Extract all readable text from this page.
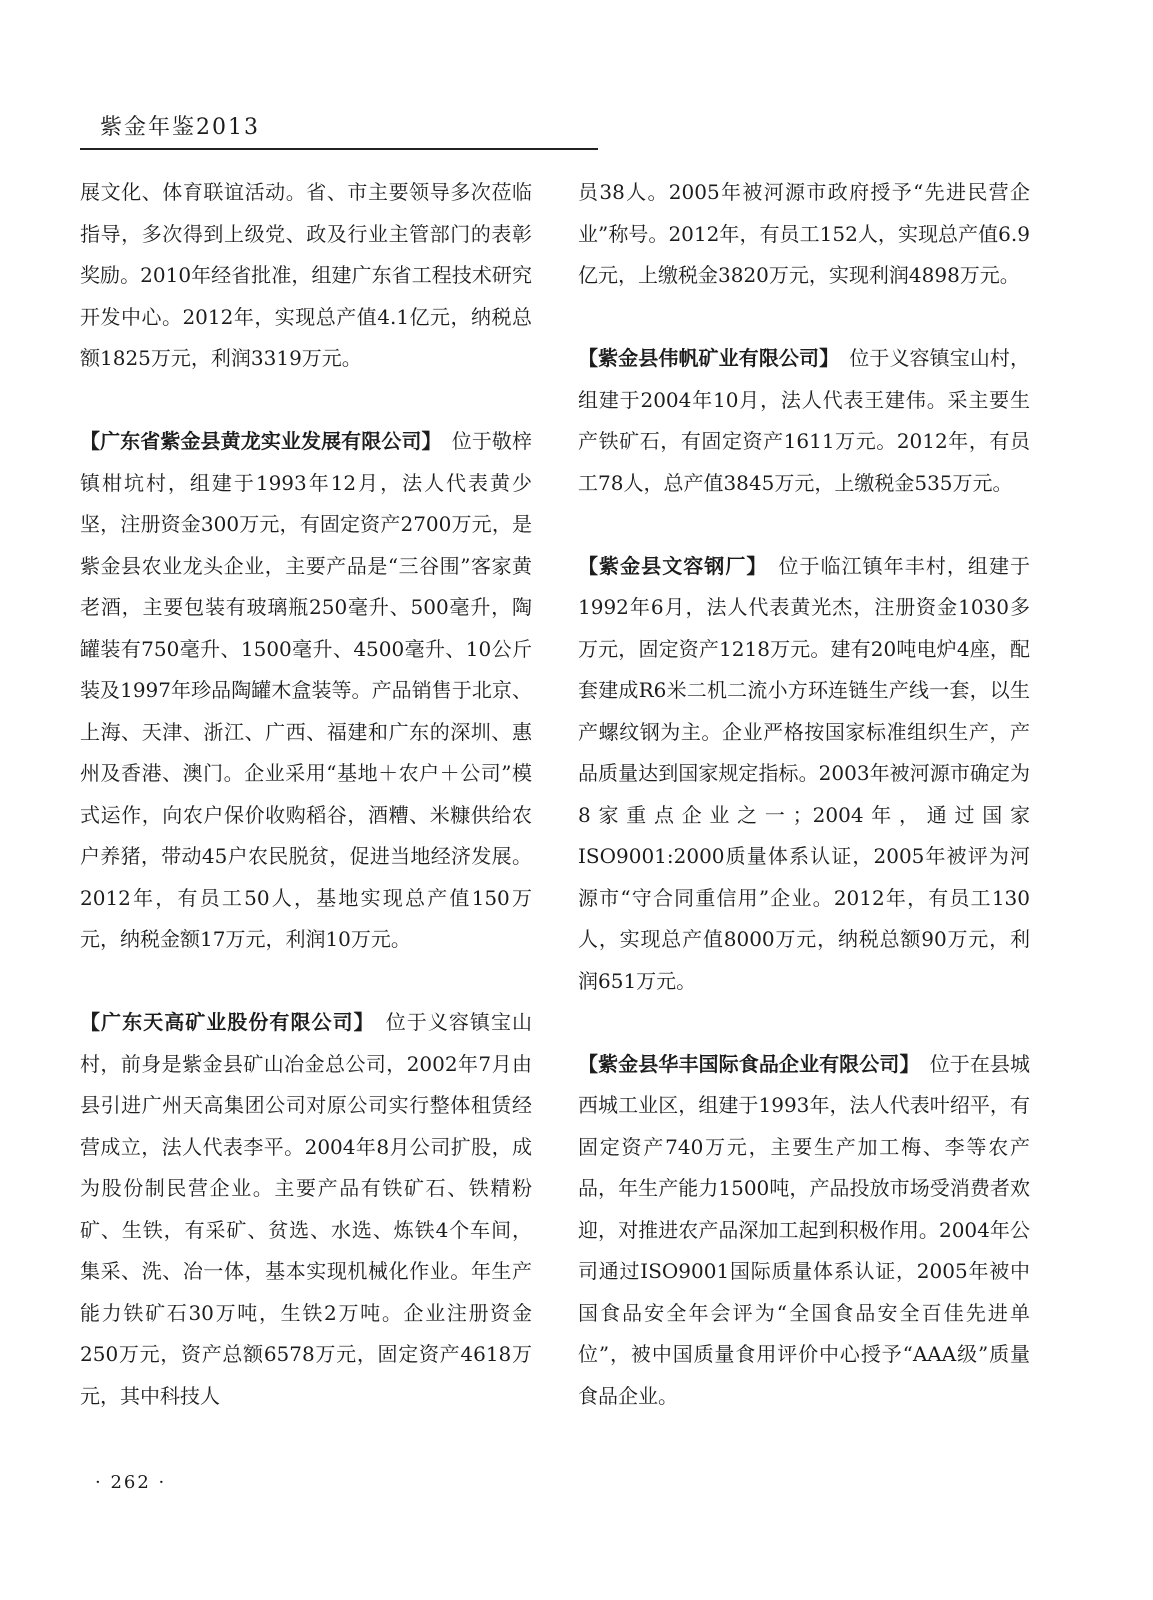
紫金年鉴2013

展文化、体育联谊活动。省、市主要领导多次莅临指导，多次得到上级党、政及行业主管部门的表彰奖励。2010年经省批准，组建广东省工程技术研究开发中心。2012年，实现总产值4.1亿元，纳税总额1825万元，利润3319万元。

【广东省紫金县黄龙实业发展有限公司】  位于敬梓镇柑坑村，组建于1993年12月，法人代表黄少坚，注册资金300万元，有固定资产2700万元，是紫金县农业龙头企业，主要产品是“三谷围”客家黄老酒，主要包装有玻璃瓶250毫升、500毫升，陶罐装有750毫升、1500毫升、4500毫升、10公斤装及1997年珍品陶罐木盒装等。产品销售于北京、上海、天津、浙江、广西、福建和广东的深圳、惠州及香港、澳门。企业采用“基地＋农户＋公司”模式运作，向农户保价收购稻谷，酒糟、米糠供给农户养猪，带动45户农民脱贫，促进当地经济发展。2012年，有员工50人，基地实现总产值150万元，纳税金额17万元，利润10万元。

【广东天高矿业股份有限公司】  位于义容镇宝山村，前身是紫金县矿山冶金总公司，2002年7月由县引进广州天高集团公司对原公司实行整体租赁经营成立，法人代表李平。2004年8月公司扩股，成为股份制民营企业。主要产品有铁矿石、铁精粉矿、生铁，有采矿、贫选、水选、炼铁4个车间，集采、洗、冶一体，基本实现机械化作业。年生产能力铁矿石30万吨，生铁2万吨。企业注册资金250万元，资产总额6578万元，固定资产4618万元，其中科技人

员38人。2005年被河源市政府授予“先进民营企业”称号。2012年，有员工152人，实现总产值6.9亿元，上缴税金3820万元，实现利润4898万元。

【紫金县伟帆矿业有限公司】  位于义容镇宝山村，组建于2004年10月，法人代表王建伟。采主要生产铁矿石，有固定资产1611万元。2012年，有员工78人，总产值3845万元，上缴税金535万元。

【紫金县文容钢厂】  位于临江镇年丰村，组建于1992年6月，法人代表黄光杰，注册资金1030多万元，固定资产1218万元。建有20吨电炉4座，配套建成R6米二机二流小方环连链生产线一套，以生产螺纹钢为主。企业严格按国家标准组织生产，产品质量达到国家规定指标。2003年被河源市确定为8家重点企业之一；2004年，通过国家ISO9001:2000质量体系认证，2005年被评为河源市“守合同重信用”企业。2012年，有员工130人，实现总产值8000万元，纳税总额90万元，利润651万元。

【紫金县华丰国际食品企业有限公司】  位于在县城西城工业区，组建于1993年，法人代表叶绍平，有固定资产740万元，主要生产加工梅、李等农产品，年生产能力1500吨，产品投放市场受消费者欢迎，对推进农产品深加工起到积极作用。2004年公司通过ISO9001国际质量体系认证，2005年被中国食品安全年会评为“全国食品安全百佳先进单位”，被中国质量食用评价中心授予“AAA级”质量食品企业。

· 262 ·
